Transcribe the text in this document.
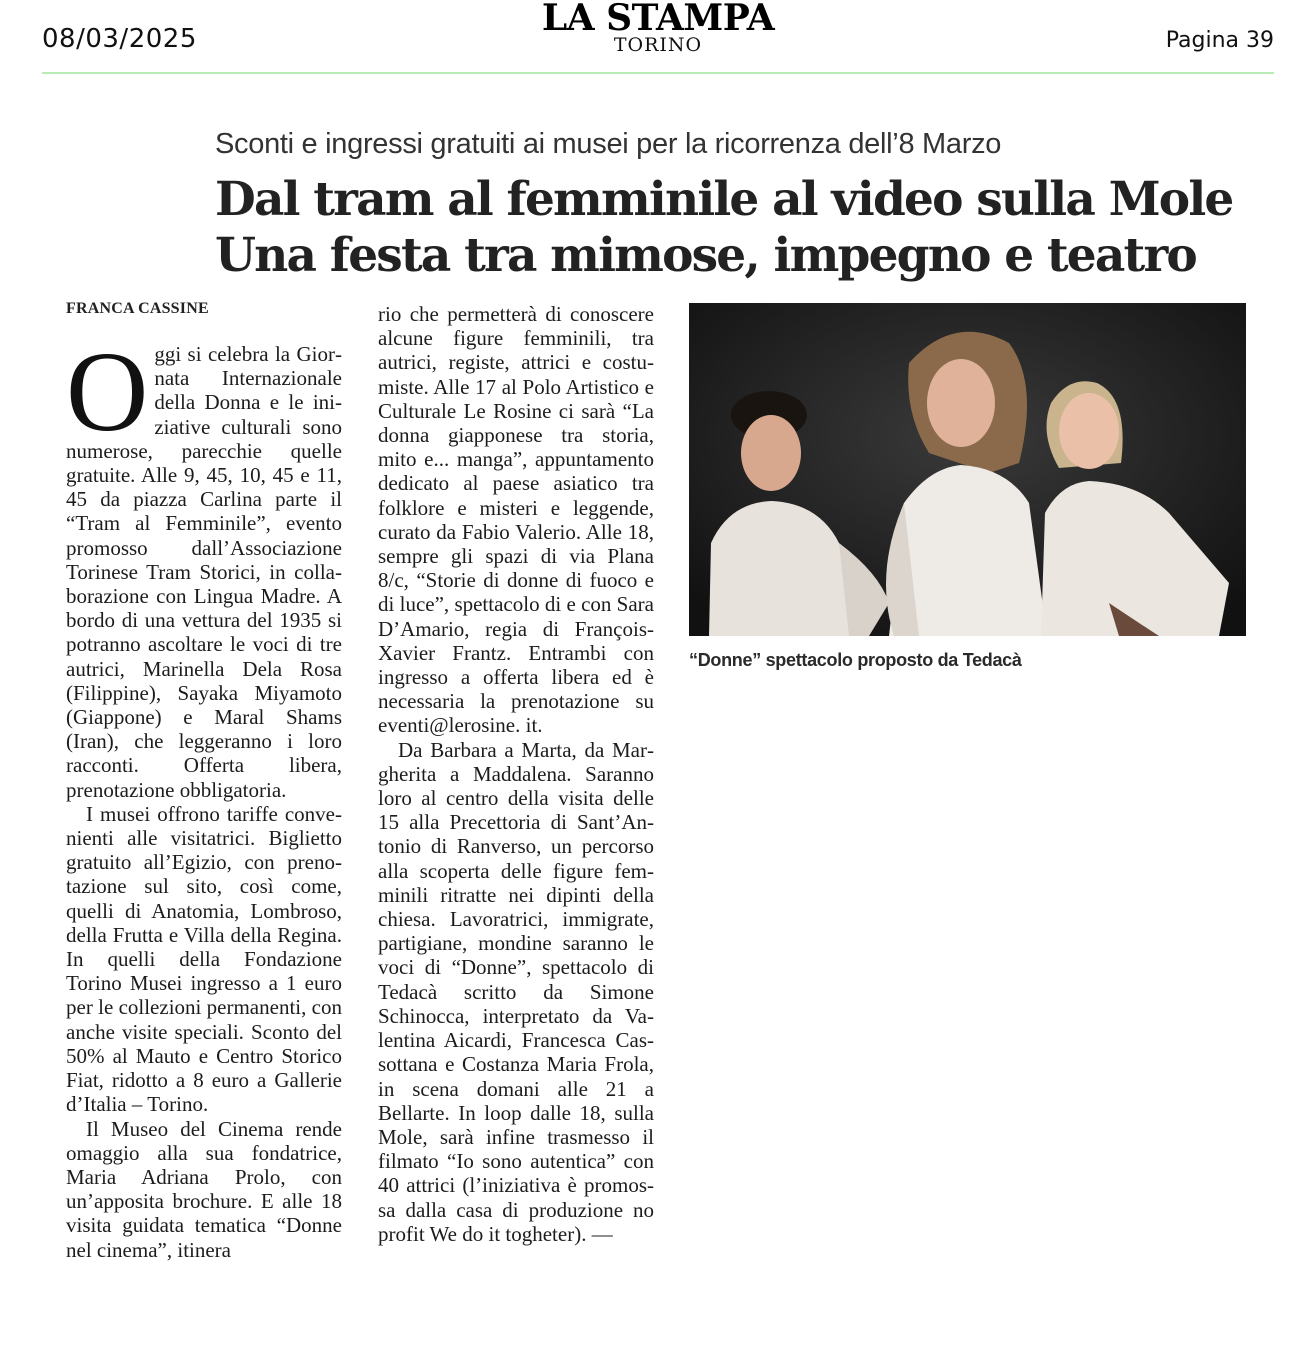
08/03/2025	LA STAMPA
TORINO	Pagina 39
Sconti e ingressi gratuiti ai musei per la ricorrenza dell’8 Marzo
Dal tram al femminile al video sulla Mole
Una festa tra mimose, impegno e teatro
FRANCA CASSINE

Oggi si celebra la Giornata Internazionale della Donna e le iniziative culturali sono numerose, parecchie quelle gratuite. Alle 9, 45, 10, 45 e 11, 45 da piazza Carlina parte il “Tram al Femminile”, evento promosso dall’Associazione Torinese Tram Storici, in collaborazione con Lingua Madre. A bordo di una vettura del 1935 si potranno ascoltare le voci di tre autrici, Marinella Dela Rosa (Filippine), Sayaka Miyamoto (Giappone) e Maral Shams (Iran), che leggeranno i loro racconti. Offerta libera, prenotazione obbligatoria.

I musei offrono tariffe convenienti alle visitatrici. Biglietto gratuito all’Egizio, con prenotazione sul sito, così come, quelli di Anatomia, Lombroso, della Frutta e Villa della Regina. In quelli della Fondazione Torino Musei ingresso a 1 euro per le collezioni permanenti, con anche visite speciali. Sconto del 50% al Mauto e Centro Storico Fiat, ridotto a 8 euro a Gallerie d’Italia – Torino.

Il Museo del Cinema rende omaggio alla sua fondatrice, Maria Adriana Prolo, con un’apposita brochure. E alle 18 visita guidata tematica “Donne nel cinema”, itinera

rio che permetterà di conoscere alcune figure femminili, tra autrici, registe, attrici e costumiste. Alle 17 al Polo Artistico e Culturale Le Rosine ci sarà “La donna giapponese tra storia, mito e... manga”, appuntamento dedicato al paese asiatico tra folklore e misteri e leggende, curato da Fabio Valerio. Alle 18, sempre gli spazi di via Plana 8/c, “Storie di donne di fuoco e di luce”, spettacolo di e con Sara D’Amario, regia di François-Xavier Frantz. Entrambi con ingresso a offerta libera ed è necessaria la prenotazione su eventi@lerosine. it.

Da Barbara a Marta, da Margherita a Maddalena. Saranno loro al centro della visita delle 15 alla Precettoria di Sant’Antonio di Ranverso, un percorso alla scoperta delle figure femminili ritratte nei dipinti della chiesa. Lavoratrici, immigrate, partigiane, mondine saranno le voci di “Donne”, spettacolo di Tedacà scritto da Simone Schinocca, interpretato da Valentina Aicardi, Francesca Cassottana e Costanza Maria Frola, in scena domani alle 21 a Bellarte. In loop dalle 18, sulla Mole, sarà infine trasmesso il filmato “Io sono autentica” con 40 attrici (l’iniziativa è promossa dalla casa di produzione no profit We do it togheter). —

“Donne” spettacolo proposto da Tedacà
